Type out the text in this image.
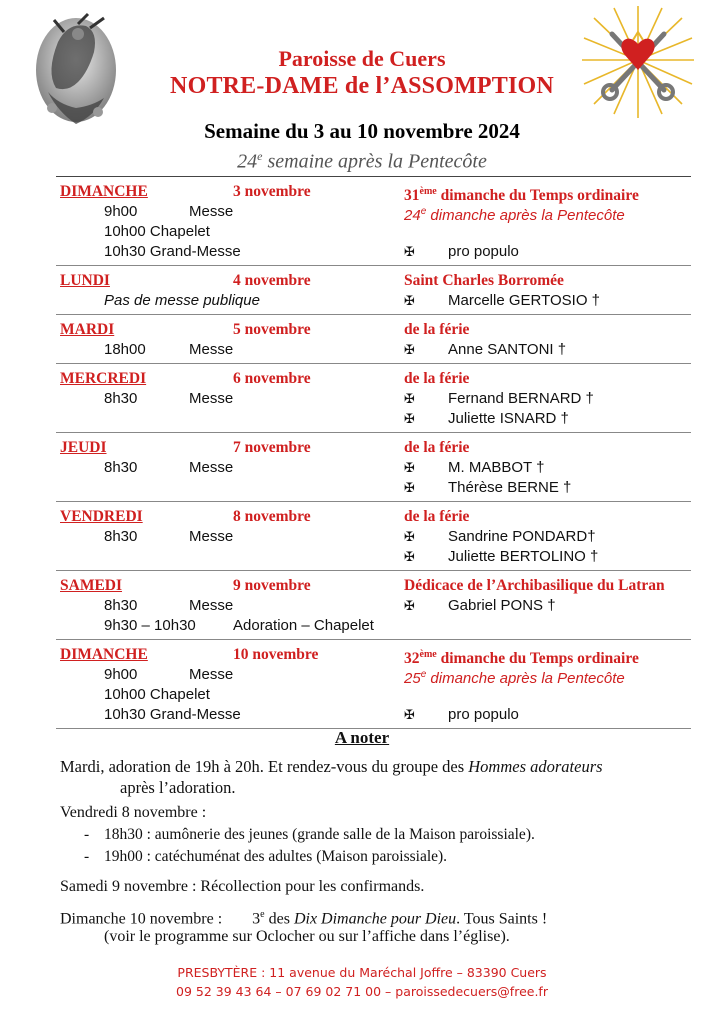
Paroisse de Cuers
NOTRE-DAME de l’ASSOMPTION
Semaine du 3 au 10 novembre 2024
24e semaine après la Pentecôte
DIMANCHE	3 novembre	31ème dimanche du Temps ordinaire
9h00	Messe	24e dimanche après la Pentecôte
10h00 Chapelet
10h30 Grand-Messe	✠ pro populo
LUNDI	4 novembre	Saint Charles Borromée
Pas de messe publique	✠ Marcelle GERTOSIO †
MARDI	5 novembre	de la férie
18h00	Messe	✠ Anne SANTONI †
MERCREDI	6 novembre	de la férie
8h30	Messe	✠ Fernand BERNARD †
✠ Juliette ISNARD †
JEUDI	7 novembre	de la férie
8h30	Messe	✠ M. MABBOT †
✠ Thérèse BERNE †
VENDREDI	8 novembre	de la férie
8h30	Messe	✠ Sandrine PONDARD†
✠ Juliette BERTOLINO †
SAMEDI	9 novembre	Dédicace de l’Archibasilique du Latran
8h30	Messe	✠ Gabriel PONS †
9h30 – 10h30 Adoration – Chapelet
DIMANCHE	10 novembre	32ème dimanche du Temps ordinaire
9h00	Messe	25e dimanche après la Pentecôte
10h00 Chapelet
10h30 Grand-Messe	✠ pro populo
A noter
Mardi, adoration de 19h à 20h. Et rendez-vous du groupe des Hommes adorateurs
après l’adoration.
Vendredi 8 novembre :
- 18h30 : aumônerie des jeunes (grande salle de la Maison paroissiale).
- 19h00 : catéchuménat des adultes (Maison paroissiale).
Samedi 9 novembre : Récollection pour les confirmands.
Dimanche 10 novembre : 3e des Dix Dimanche pour Dieu. Tous Saints !
(voir le programme sur Oclocher ou sur l’affiche dans l’église).
PRESBYTÈRE : 11 avenue du Maréchal Joffre – 83390 Cuers
09 52 39 43 64 – 07 69 02 71 00 – paroissedecuers@free.fr
